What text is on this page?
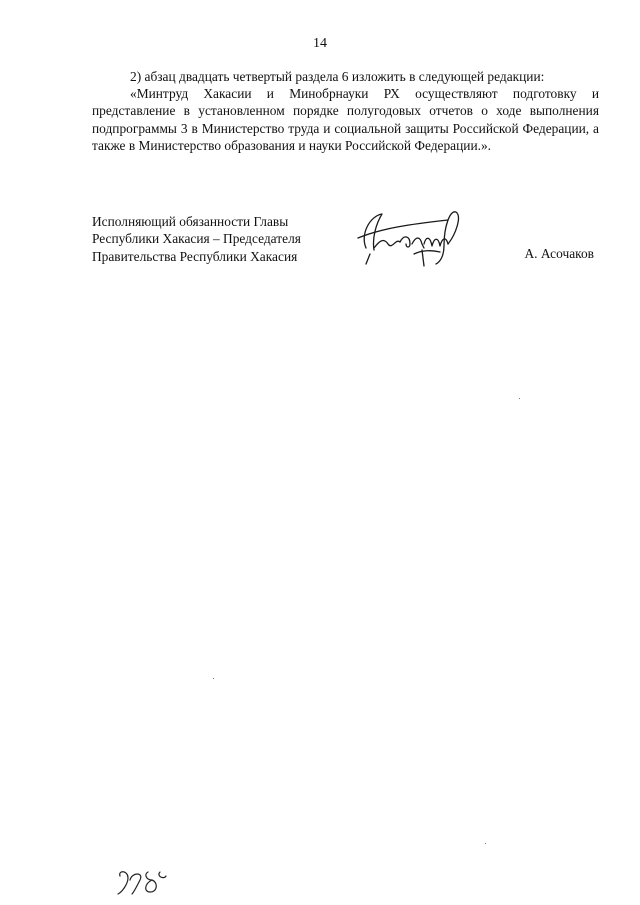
14

2) абзац двадцать четвертый раздела 6 изложить в следующей редакции:

«Минтруд Хакасии и Минобрнауки РХ осуществляют подготовку и представление в установленном порядке полугодовых отчетов о ходе выполнения подпрограммы 3 в Министерство труда и социальной защиты Российской Федерации, а также в Министерство образования и науки Российской Федерации.».

Исполняющий обязанности Главы
Республики Хакасия – Председателя
Правительства Республики Хакасия	А. Асочаков
